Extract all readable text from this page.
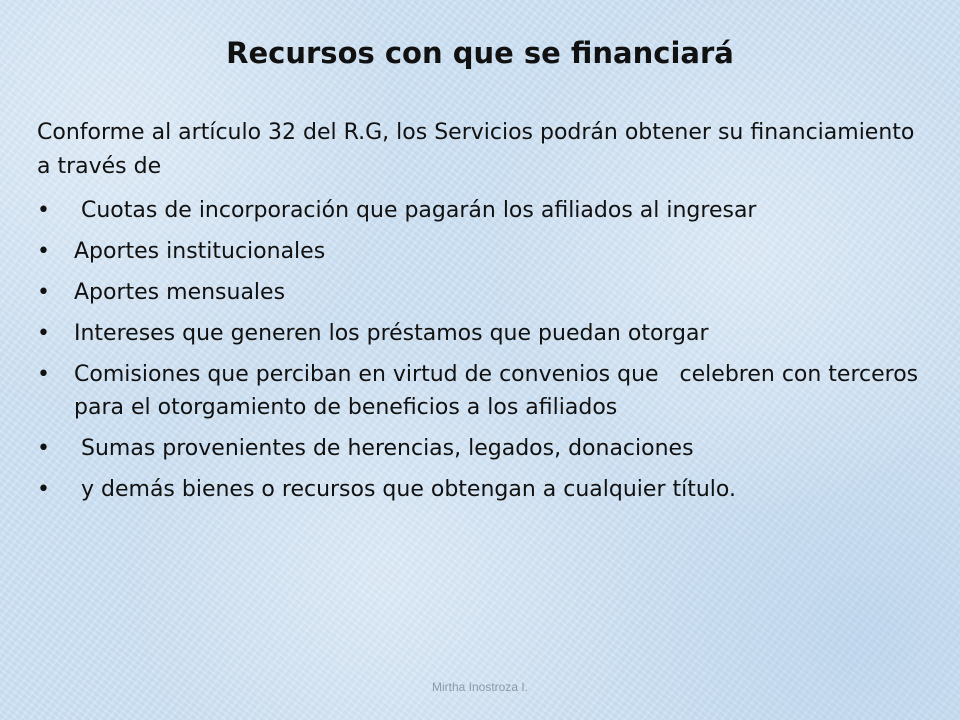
Recursos con que se financiará

Conforme al artículo 32 del R.G, los Servicios podrán obtener su financiamiento a través de

• Cuotas de incorporación que pagarán los afiliados al ingresar
• Aportes institucionales
• Aportes mensuales
• Intereses que generen los préstamos que puedan otorgar
• Comisiones que perciban en virtud de convenios que   celebren con terceros para el otorgamiento de beneficios a los afiliados
• Sumas provenientes de herencias, legados, donaciones
• y demás bienes o recursos que obtengan a cualquier título.
Mirtha Inostroza I.
